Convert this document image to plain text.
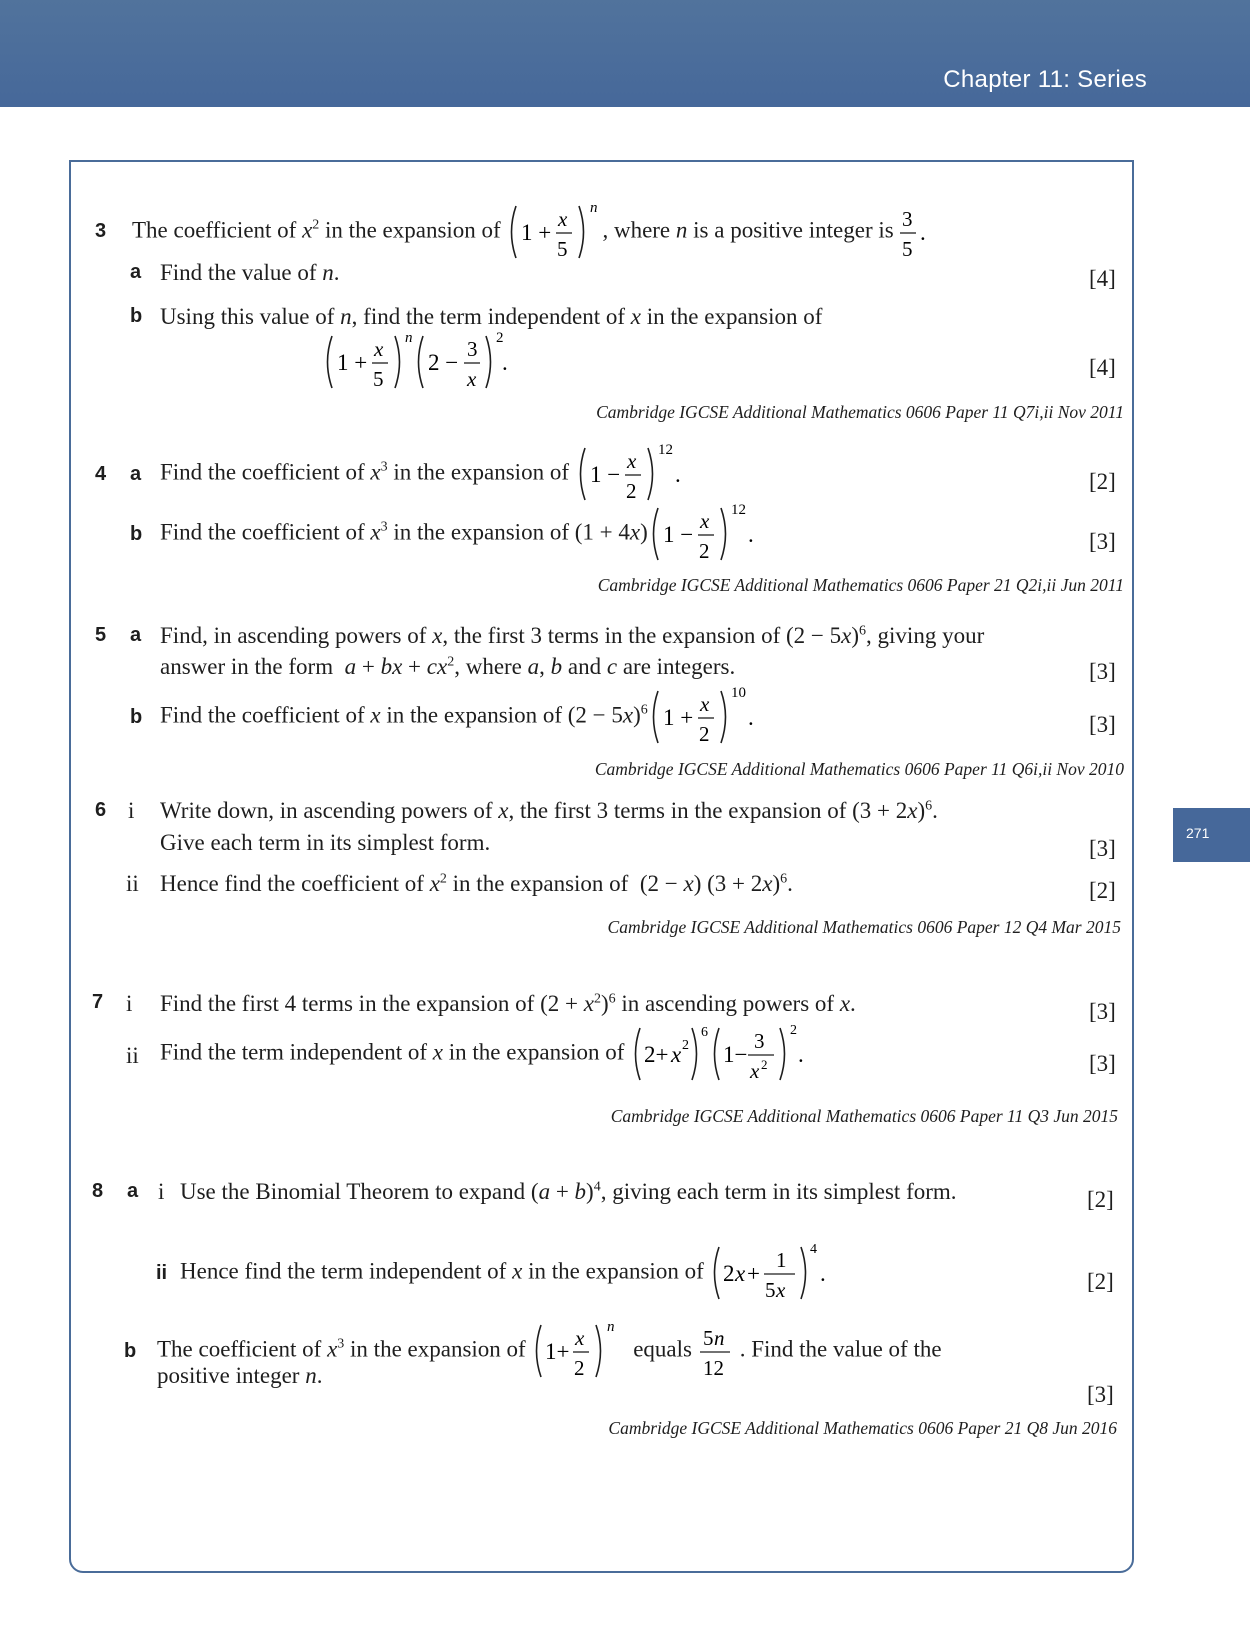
Chapter 11: Series
271
3 The coefficient of $x^2$ in the expansion of 1 +
x
5
n
, where n is a positive integer is 3
5
.
a Find the value of n.	[4]
b Using this value of n, find the term independent of x in the expansion of
1 +
x
5
n
2 −
3
x
2
.	[4]
Cambridge IGCSE Additional Mathematics 0606 Paper 11 Q7i,ii Nov 2011
4 a Find the coefficient of $x^3$ in the expansion of 1 −
x
2
12
.	[2]
b Find the coefficient of $x^3$ in the expansion of (1 + 4x) 1 −
x
2
12
.	[3]
Cambridge IGCSE Additional Mathematics 0606 Paper 21 Q2i,ii Jun 2011
5 a Find, in ascending powers of x, the first 3 terms in the expansion of $(2 - 5x)^6$, giving your
answer in the form a + bx + $cx^2$, where a, b and c are integers.	[3]
b Find the coefficient of x in the expansion of $(2 - 5x)^6$ 1 +
x
2
10
.	[3]
Cambridge IGCSE Additional Mathematics 0606 Paper 11 Q6i,ii Nov 2010
6 i Write down, in ascending powers of x, the first 3 terms in the expansion of $(3 + 2x)^6$.
Give each term in its simplest form.	[3]
ii Hence find the coefficient of $x^2$ in the expansion of  (2 − x) $(3 + 2x)^6$.	[2]
Cambridge IGCSE Additional Mathematics 0606 Paper 12 Q4 Mar 2015
7 i Find the first 4 terms in the expansion of $(2 + x^2)^6$ in ascending powers of x.	[3]
ii Find the term independent of x in the expansion of 2+ x 2
6
1−
3
x 2
2
.	[3]
Cambridge IGCSE Additional Mathematics 0606 Paper 11 Q3 Jun 2015
8 a i Use the Binomial Theorem to expand $(a + b)^4$, giving each term in its simplest form.	[2]
ii Hence find the term independent of x in the expansion of 2 x +
1
5 x
4
.	[2]
b The coefficient of $x^3$ in the expansion of 1+
x
2
n
equals 5 n
12
. Find the value of the
positive integer n.
[3]
Cambridge IGCSE Additional Mathematics 0606 Paper 21 Q8 Jun 2016
